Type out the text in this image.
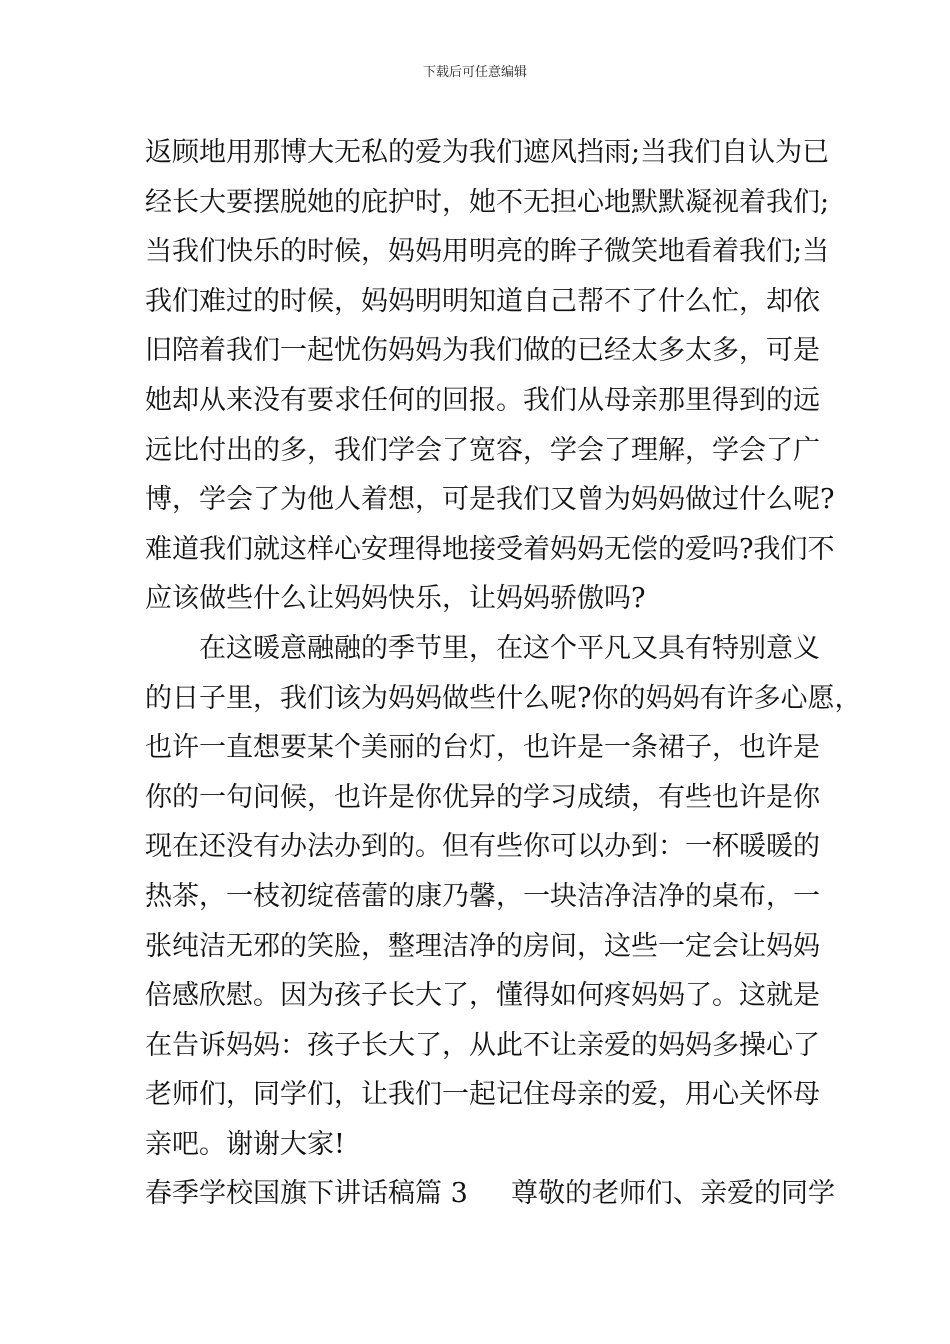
下载后可任意编辑
返顾地用那博大无私的爱为我们遮风挡雨;当我们自认为已
经长大要摆脱她的庇护时，她不无担心地默默凝视着我们;
当我们快乐的时候，妈妈用明亮的眸子微笑地看着我们;当
我们难过的时候，妈妈明明知道自己帮不了什么忙，却依
旧陪着我们一起忧伤妈妈为我们做的已经太多太多，可是
她却从来没有要求任何的回报。我们从母亲那里得到的远
远比付出的多，我们学会了宽容，学会了理解，学会了广
博，学会了为他人着想，可是我们又曾为妈妈做过什么呢?
难道我们就这样心安理得地接受着妈妈无偿的爱吗?我们不
应该做些什么让妈妈快乐，让妈妈骄傲吗?
在这暖意融融的季节里，在这个平凡又具有特别意义
的日子里，我们该为妈妈做些什么呢?你的妈妈有许多心愿，
也许一直想要某个美丽的台灯，也许是一条裙子，也许是
你的一句问候，也许是你优异的学习成绩，有些也许是你
现在还没有办法办到的。但有些你可以办到：一杯暖暖的
热茶，一枝初绽蓓蕾的康乃馨，一块洁净洁净的桌布，一
张纯洁无邪的笑脸，整理洁净的房间，这些一定会让妈妈
倍感欣慰。因为孩子长大了，懂得如何疼妈妈了。这就是
在告诉妈妈：孩子长大了，从此不让亲爱的妈妈多操心了
老师们，同学们，让我们一起记住母亲的爱，用心关怀母
亲吧。谢谢大家!
春季学校国旗下讲话稿篇 3 尊敬的老师们、亲爱的同学
